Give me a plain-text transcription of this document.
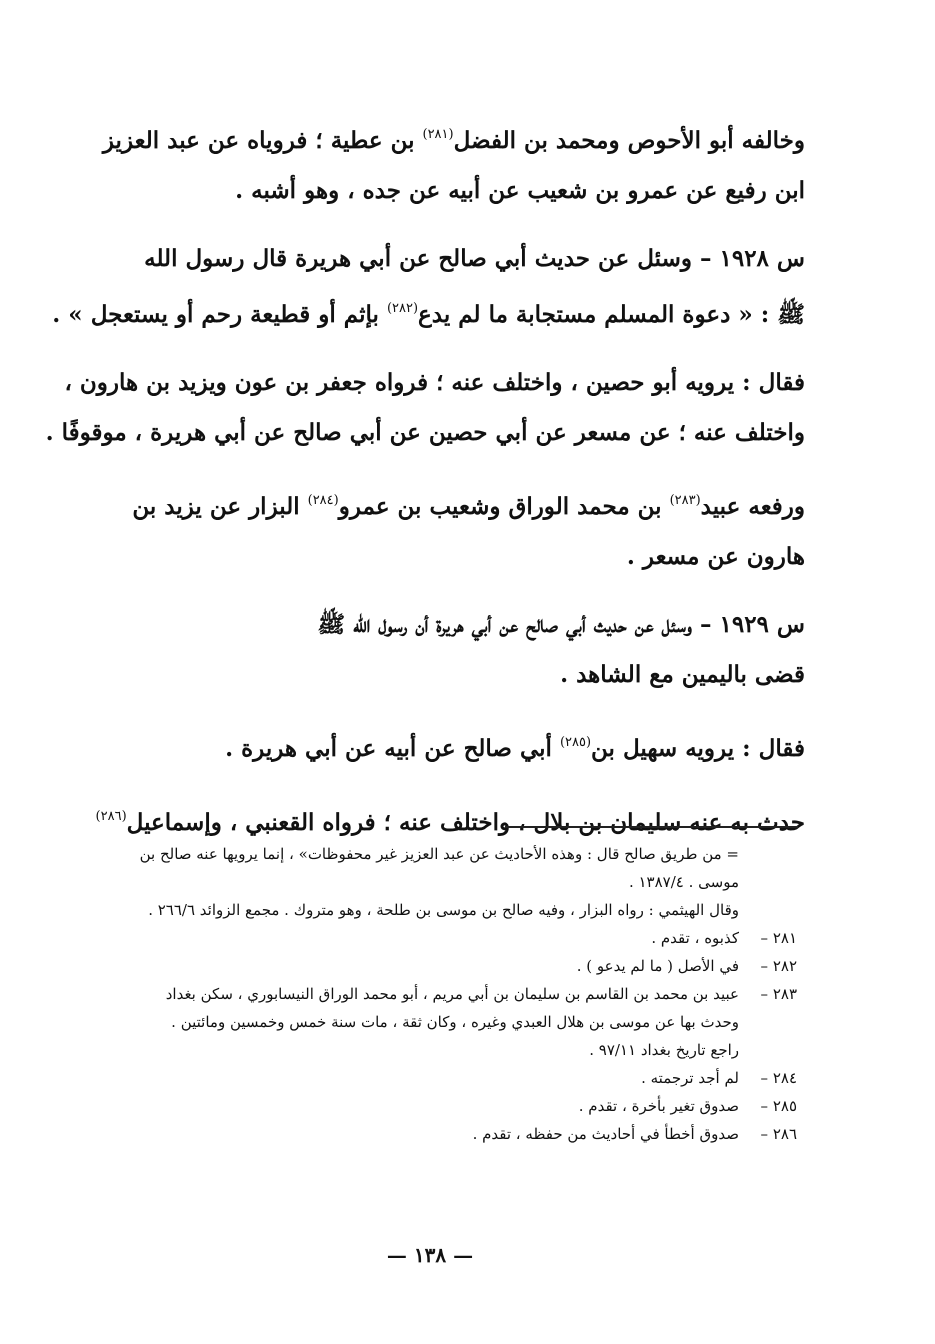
وخالفه أبو الأحوص ومحمد بن الفضل$^{(٢٨١)}$ بن عطية ؛ فروياه عن عبد العزيز
ابن رفيع عن عمرو بن شعيب عن أبيه عن جده ، وهو أشبه .
س ١٩٢٨ – وسئل عن حديث أبي صالح عن أبي هريرة قال رسول الله
ﷺ : « دعوة المسلم مستجابة ما لم يدع$^{(٢٨٢)}$ بإثم أو قطيعة رحم أو يستعجل » .
فقال : يرويه أبو حصين ، واختلف عنه ؛ فرواه جعفر بن عون ويزيد بن هارون ،
واختلف عنه ؛ عن مسعر عن أبي حصين عن أبي صالح عن أبي هريرة ، موقوفًا .
ورفعه عبيد$^{(٢٨٣)}$ بن محمد الوراق وشعيب بن عمرو$^{(٢٨٤)}$ البزار عن يزيد بن
هارون عن مسعر .
س ١٩٢٩ – وسئل عن حديث أبي صالح عن أبي هريرة أن رسول الله ﷺ
قضى باليمين مع الشاهد .
فقال : يرويه سهيل بن$^{(٢٨٥)}$ أبي صالح عن أبيه عن أبي هريرة .
حدث به عنه سليمان بن بلال ، واختلف عنه ؛ فرواه القعنبي ، وإسماعيل$^{(٢٨٦)}$
= من طريق صالح قال : وهذه الأحاديث عن عبد العزيز غير محفوظات» ، إنما يرويها عنه صالح بن
موسى . ١٣٨٧/٤ .
وقال الهيثمي : رواه البزار ، وفيه صالح بن موسى بن طلحة ، وهو متروك . مجمع الزوائد ٢٦٦/٦ .
٢٨١ –
كذبوه ، تقدم .
٢٨٢ –
في الأصل ( ما لم يدعو ) .
٢٨٣ –
عبيد بن محمد بن القاسم بن سليمان بن أبي مريم ، أبو محمد الوراق النيسابوري ، سكن بغداد
وحدث بها عن موسى بن هلال العبدي وغيره ، وكان ثقة ، مات سنة خمس وخمسين ومائتين .
راجع تاريخ بغداد ٩٧/١١ .
٢٨٤ –
لم أجد ترجمته .
٢٨٥ –
صدوق تغير بأخرة ، تقدم .
٢٨٦ –
صدوق أخطأ في أحاديث من حفظه ، تقدم .
— ١٣٨ —
